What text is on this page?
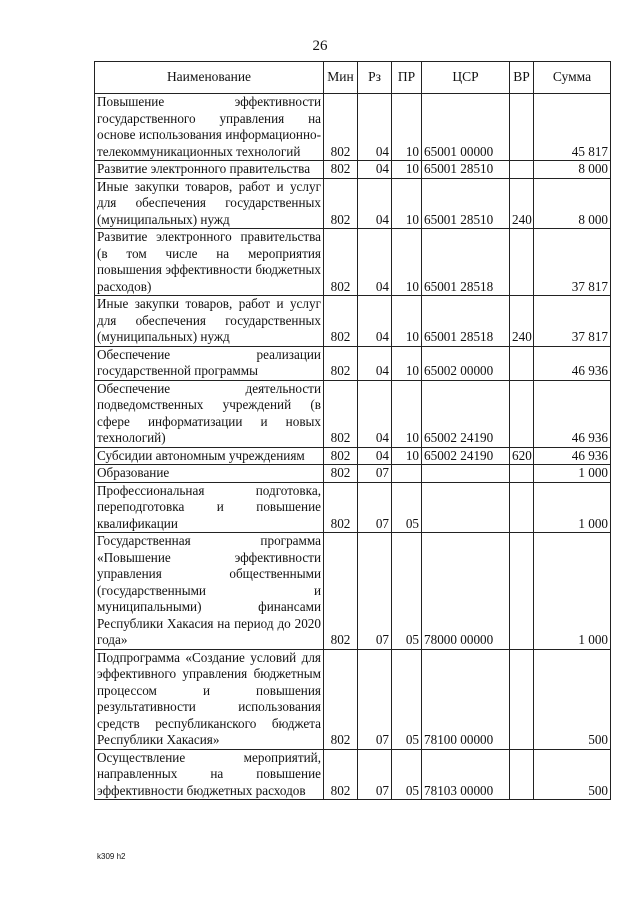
26
Наименование	Мин	Рз	ПР	ЦСР	ВР	Сумма
Повышение эффективности государственного управления на основе использования информационно-телекоммуникационных технологий	802	04	10	65001 00000		45 817
Развитие электронного правительства	802	04	10	65001 28510		8 000
Иные закупки товаров, работ и услуг для обеспечения государственных (муниципальных) нужд	802	04	10	65001 28510	240	8 000
Развитие электронного правительства (в том числе на мероприятия повышения эффективности бюджетных расходов)	802	04	10	65001 28518		37 817
Иные закупки товаров, работ и услуг для обеспечения государственных (муниципальных) нужд	802	04	10	65001 28518	240	37 817
Обеспечение реализации государственной программы	802	04	10	65002 00000		46 936
Обеспечение деятельности подведомственных учреждений (в сфере информатизации и новых технологий)	802	04	10	65002 24190		46 936
Субсидии автономным учреждениям	802	04	10	65002 24190	620	46 936
Образование	802	07				1 000
Профессиональная подготовка, переподготовка и повышение квалификации	802	07	05			1 000
Государственная программа «Повышение эффективности управления общественными (государственными и муниципальными) финансами Республики Хакасия на период до 2020 года»	802	07	05	78000 00000		1 000
Подпрограмма «Создание условий для эффективного управления бюджетным процессом и повышения результативности использования средств республиканского бюджета Республики Хакасия»	802	07	05	78100 00000		500
Осуществление мероприятий, направленных на повышение эффективности бюджетных расходов	802	07	05	78103 00000		500
k309 h2
